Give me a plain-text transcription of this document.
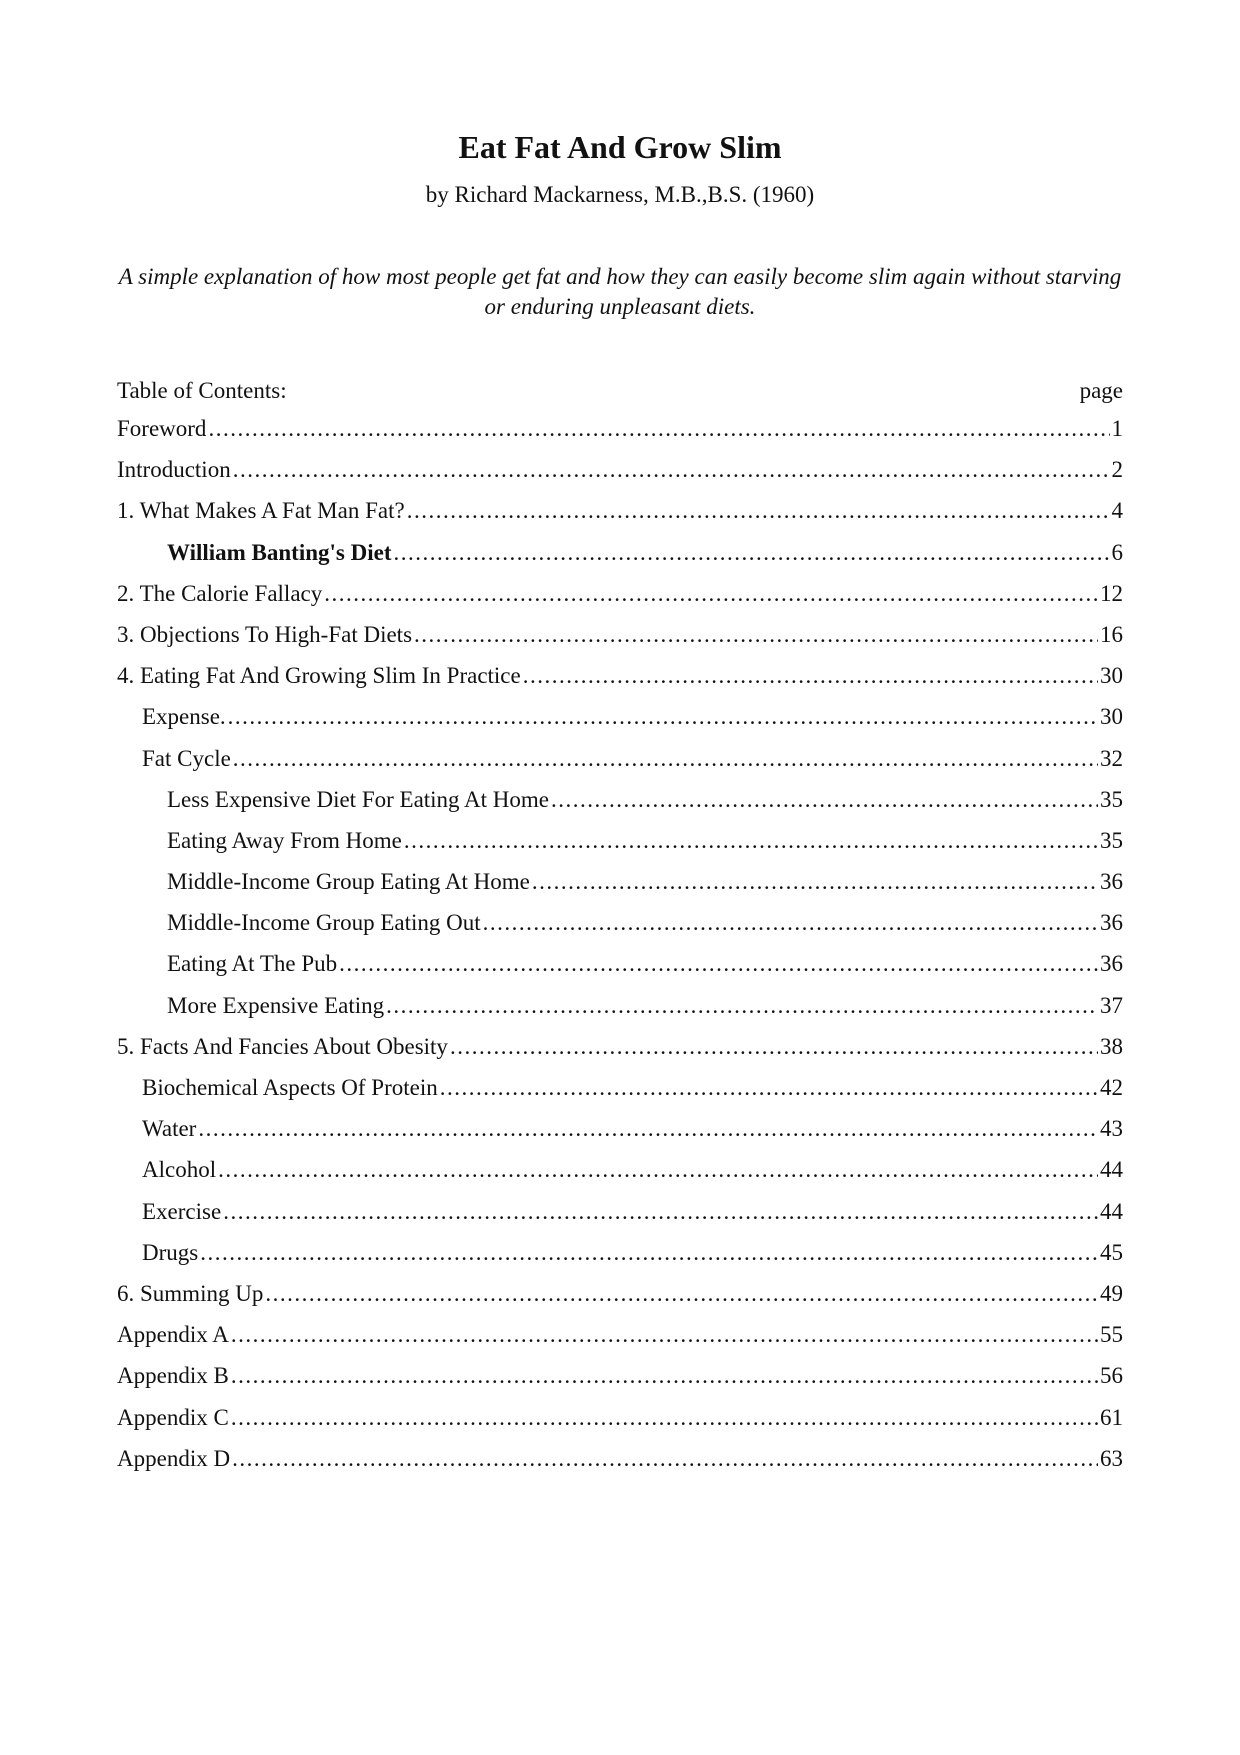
Eat Fat And Grow Slim
by Richard Mackarness, M.B.,B.S. (1960)
A simple explanation of how most people get fat and how they can easily become slim again without starving or enduring unpleasant diets.
Table of Contents:	page
Foreword .....	1
Introduction .....	2
1. What Makes A Fat Man Fat? .....	4
William Banting's Diet .....	6
2. The Calorie Fallacy .....	12
3. Objections To High-Fat Diets .....	16
4. Eating Fat And Growing Slim In Practice .....	30
Expense. .....	30
Fat Cycle .....	32
Less Expensive Diet For Eating At Home .....	35
Eating Away From Home .....	35
Middle-Income Group Eating At Home .....	36
Middle-Income Group Eating Out .....	36
Eating At The Pub .....	36
More Expensive Eating .....	37
5. Facts And Fancies About Obesity .....	38
Biochemical Aspects Of Protein .....	42
Water .....	43
Alcohol .....	44
Exercise .....	44
Drugs .....	45
6. Summing Up .....	49
Appendix A .....	55
Appendix B .....	56
Appendix C .....	61
Appendix D .....	63
